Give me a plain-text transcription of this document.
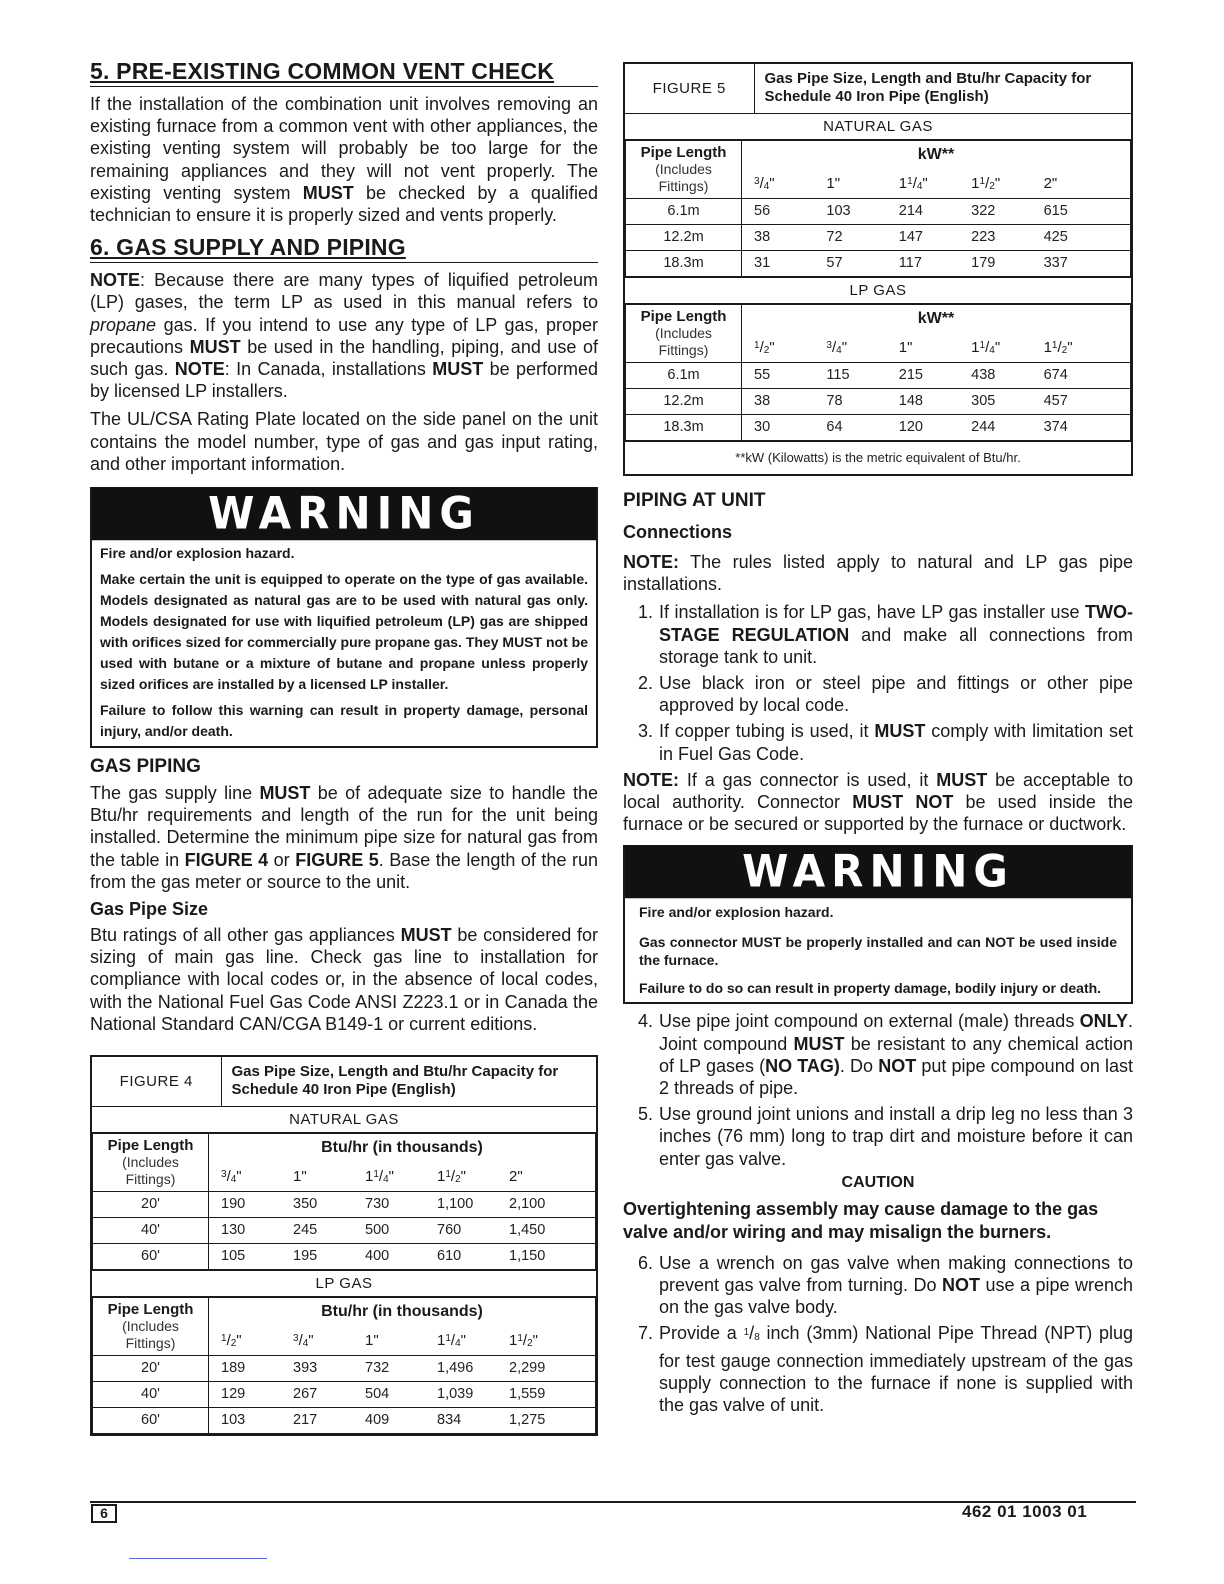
5. PRE-EXISTING COMMON VENT CHECK

If the installation of the combination unit involves removing an existing furnace from a common vent with other appliances, the existing venting system will probably be too large for the remaining appliances and they will not vent properly. The existing venting system MUST be checked by a qualified technician to ensure it is properly sized and vents properly.

6. GAS SUPPLY AND PIPING

NOTE: Because there are many types of liquified petroleum (LP) gases, the term LP as used in this manual refers to propane gas. If you intend to use any type of LP gas, proper precautions MUST be used in the handling, piping, and use of such gas. NOTE: In Canada, installations MUST be performed by licensed LP installers.

The UL/CSA Rating Plate located on the side panel on the unit contains the model number, type of gas and gas input rating, and other important information.

WARNING

Fire and/or explosion hazard.

Make certain the unit is equipped to operate on the type of gas available. Models designated as natural gas are to be used with natural gas only. Models designated for use with liquified petroleum (LP) gas are shipped with orifices sized for commercially pure propane gas. They MUST not be used with butane or a mixture of butane and propane unless properly sized orifices are installed by a licensed LP installer.

Failure to follow this warning can result in property damage, personal injury, and/or death.

GAS PIPING

The gas supply line MUST be of adequate size to handle the Btu/hr requirements and length of the run for the unit being installed. Determine the minimum pipe size for natural gas from the table in FIGURE 4 or FIGURE 5. Base the length of the run from the gas meter or source to the unit.

Gas Pipe Size

Btu ratings of all other gas appliances MUST be considered for sizing of main gas line. Check gas line to installation for compliance with local codes or, in the absence of local codes, with the National Fuel Gas Code ANSI Z223.1 or in Canada the National Standard CAN/CGA B149-1 or current editions.

FIGURE 4	Gas Pipe Size, Length and Btu/hr Capacity for Schedule 40 Iron Pipe (English)
NATURAL GAS

Pipe Length
(Includes
Fittings)
	Btu/hr (in thousands)

$^3/_4$"	1"	$1^1/_4$"	$1^1/_2$"	2"

20'	190	350	730	1,100	2,100

40'	130	245	500	760	1,450

60'	105	195	400	610	1,150

LP GAS

Pipe Length
(Includes
Fittings)
	Btu/hr (in thousands)

$^1/_2$"	$^3/_4$"	1"	$1^1/_4$"	$1^1/_2$"

20'	189	393	732	1,496	2,299

40'	129	267	504	1,039	1,559

60'	103	217	409	834	1,275
FIGURE 5	Gas Pipe Size, Length and Btu/hr Capacity for Schedule 40 Iron Pipe (English)
NATURAL GAS

Pipe Length
(Includes
Fittings)
	kW**

$^3/_4$"	1"	$1^1/_4$"	$1^1/_2$"	2"

6.1m	56	103	214	322	615

12.2m	38	72	147	223	425

18.3m	31	57	117	179	337

LP GAS

Pipe Length
(Includes
Fittings)
	kW**

$^1/_2$"	$^3/_4$"	1"	$1^1/_4$"	$1^1/_2$"

6.1m	55	115	215	438	674

12.2m	38	78	148	305	457

18.3m	30	64	120	244	374

**kW (Kilowatts) is the metric equivalent of Btu/hr.
PIPING AT UNIT
Connections

NOTE: The rules listed apply to natural and LP gas pipe installations.

1. If installation is for LP gas, have LP gas installer use TWO-STAGE REGULATION and make all connections from storage tank to unit.
2. Use black iron or steel pipe and fittings or other pipe approved by local code.
3. If copper tubing is used, it MUST comply with limitation set in Fuel Gas Code.

NOTE: If a gas connector is used, it MUST be acceptable to local authority. Connector MUST NOT be used inside the furnace or be secured or supported by the furnace or ductwork.

WARNING

Fire and/or explosion hazard.

Gas connector MUST be properly installed and can NOT be used inside the furnace.

Failure to do so can result in property damage, bodily injury or death.

4. Use pipe joint compound on external (male) threads ONLY. Joint compound MUST be resistant to any chemical action of LP gases (NO TAG). Do NOT put pipe compound on last 2 threads of pipe.
5. Use ground joint unions and install a drip leg no less than 3 inches (76 mm) long to trap dirt and moisture before it can enter gas valve.
CAUTION
Overtightening assembly may cause damage to the gas valve and/or wiring and may misalign the burners.
6. Use a wrench on gas valve when making connections to prevent gas valve from turning. Do NOT use a pipe wrench on the gas valve body.
7. Provide a $^1/_8$ inch (3mm) National Pipe Thread (NPT) plug for test gauge connection immediately upstream of the gas supply connection to the furnace if none is supplied with the gas valve of unit.
6	462 01 1003 01
